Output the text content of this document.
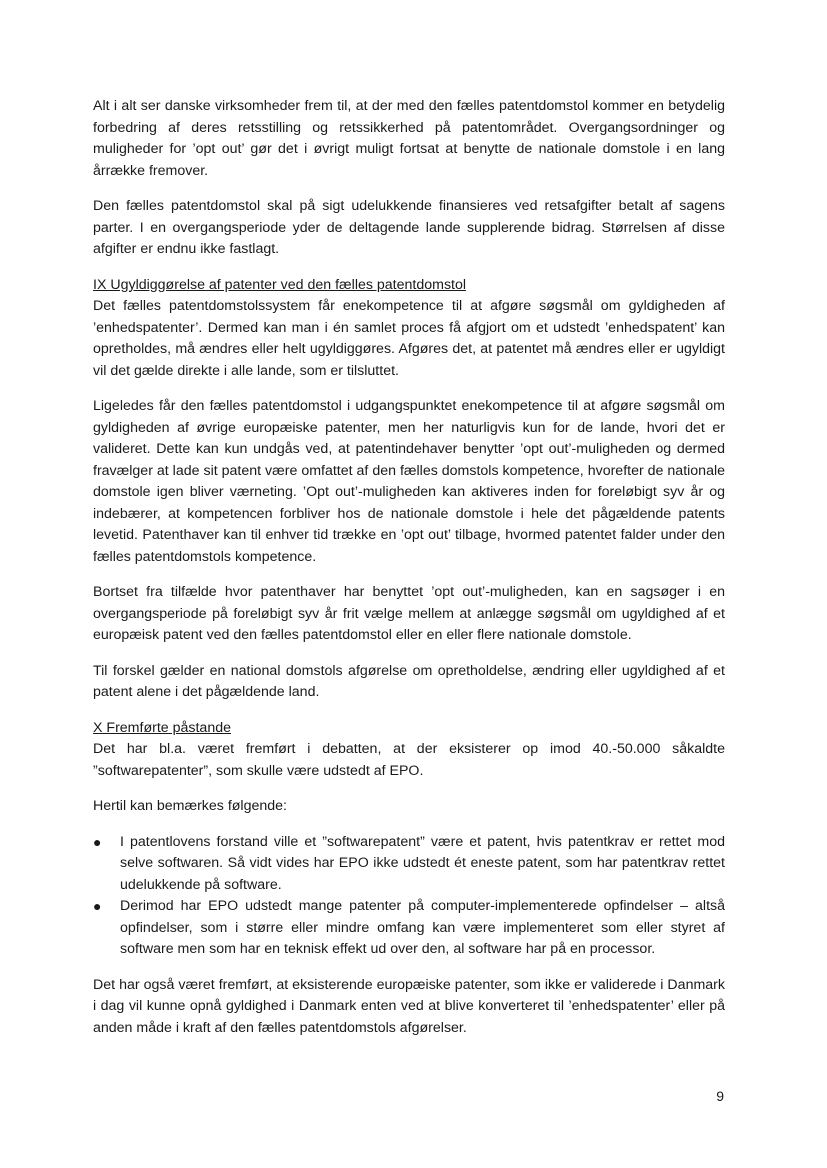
Alt i alt ser danske virksomheder frem til, at der med den fælles patentdomstol kommer en betydelig forbedring af deres retsstilling og retssikkerhed på patentområdet. Overgangsordninger og muligheder for ’opt out’ gør det i øvrigt muligt fortsat at benytte de nationale domstole i en lang årrække fremover.

Den fælles patentdomstol skal på sigt udelukkende finansieres ved retsafgifter betalt af sagens parter. I en overgangsperiode yder de deltagende lande supplerende bidrag. Størrelsen af disse afgifter er endnu ikke fastlagt.

IX Ugyldiggørelse af patenter ved den fælles patentdomstol

Det fælles patentdomstolssystem får enekompetence til at afgøre søgsmål om gyldigheden af ’enhedspatenter’. Dermed kan man i én samlet proces få afgjort om et udstedt ’enhedspatent’ kan opretholdes, må ændres eller helt ugyldiggøres. Afgøres det, at patentet må ændres eller er ugyldigt vil det gælde direkte i alle lande, som er tilsluttet.

Ligeledes får den fælles patentdomstol i udgangspunktet enekompetence til at afgøre søgsmål om gyldigheden af øvrige europæiske patenter, men her naturligvis kun for de lande, hvori det er valideret. Dette kan kun undgås ved, at patentindehaver benytter ’opt out’-muligheden og dermed fravælger at lade sit patent være omfattet af den fælles domstols kompetence, hvorefter de nationale domstole igen bliver værneting. ’Opt out’-muligheden kan aktiveres inden for foreløbigt syv år og indebærer, at kompetencen forbliver hos de nationale domstole i hele det pågældende patents levetid. Patenthaver kan til enhver tid trække en ’opt out’ tilbage, hvormed patentet falder under den fælles patentdomstols kompetence.

Bortset fra tilfælde hvor patenthaver har benyttet ’opt out’-muligheden, kan en sagsøger i en overgangsperiode på foreløbigt syv år frit vælge mellem at anlægge søgsmål om ugyldighed af et europæisk patent ved den fælles patentdomstol eller en eller flere nationale domstole.

Til forskel gælder en national domstols afgørelse om opretholdelse, ændring eller ugyldighed af et patent alene i det pågældende land.

X Fremførte påstande

Det har bl.a. været fremført i debatten, at der eksisterer op imod 40.-50.000 såkaldte ”softwarepatenter”, som skulle være udstedt af EPO.

Hertil kan bemærkes følgende:

●	I patentlovens forstand ville et ”softwarepatent” være et patent, hvis patentkrav er rettet mod selve softwaren. Så vidt vides har EPO ikke udstedt ét eneste patent, som har patentkrav rettet udelukkende på software.
●	Derimod har EPO udstedt mange patenter på computer-implementerede opfindelser – altså opfindelser, som i større eller mindre omfang kan være implementeret som eller styret af software men som har en teknisk effekt ud over den, al software har på en processor.

Det har også været fremført, at eksisterende europæiske patenter, som ikke er validerede i Danmark i dag vil kunne opnå gyldighed i Danmark enten ved at blive konverteret til ’enhedspatenter’ eller på anden måde i kraft af den fælles patentdomstols afgørelser.

9
